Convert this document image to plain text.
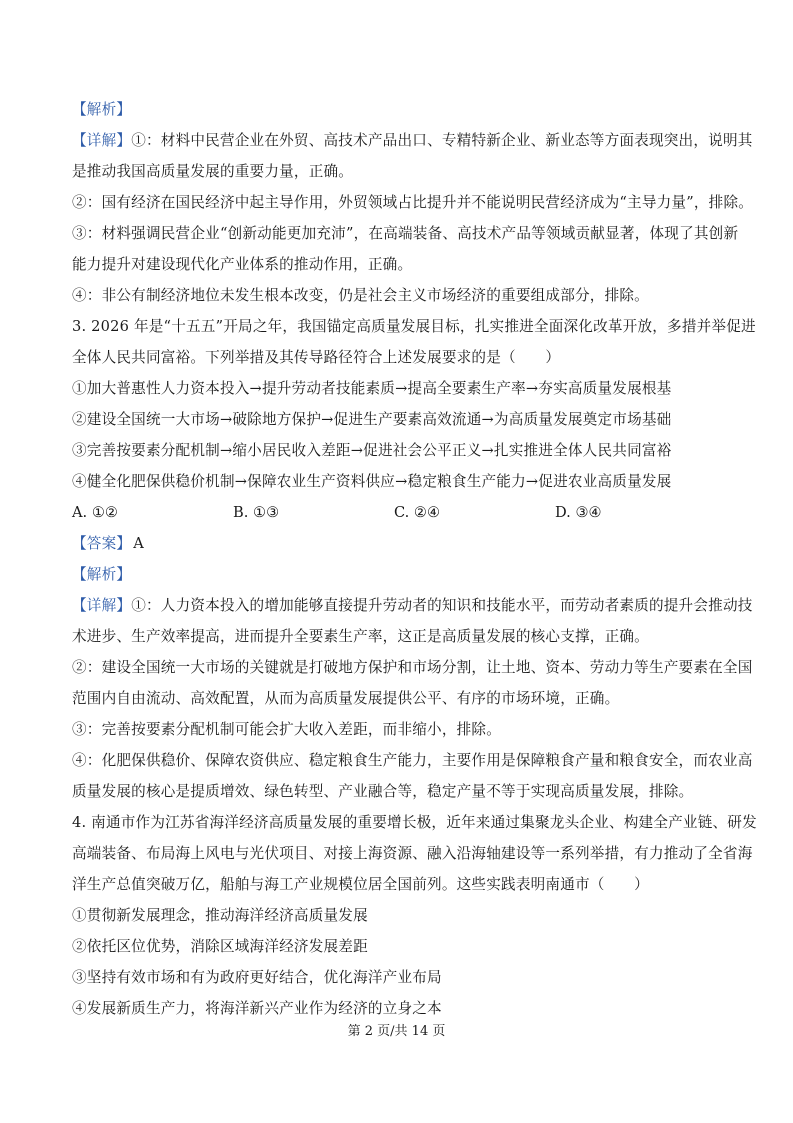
【解析】
【详解】①：材料中民营企业在外贸、高技术产品出口、专精特新企业、新业态等方面表现突出，说明其
是推动我国高质量发展的重要力量，正确。
②：国有经济在国民经济中起主导作用，外贸领域占比提升并不能说明民营经济成为“主导力量”，排除。
③：材料强调民营企业“创新动能更加充沛”，在高端装备、高技术产品等领域贡献显著，体现了其创新
能力提升对建设现代化产业体系的推动作用，正确。
④：非公有制经济地位未发生根本改变，仍是社会主义市场经济的重要组成部分，排除。
3. 2026 年是“十五五”开局之年，我国锚定高质量发展目标，扎实推进全面深化改革开放，多措并举促进
全体人民共同富裕。下列举措及其传导路径符合上述发展要求的是（　　）
①加大普惠性人力资本投入→提升劳动者技能素质→提高全要素生产率→夯实高质量发展根基
②建设全国统一大市场→破除地方保护→促进生产要素高效流通→为高质量发展奠定市场基础
③完善按要素分配机制→缩小居民收入差距→促进社会公平正义→扎实推进全体人民共同富裕
④健全化肥保供稳价机制→保障农业生产资料供应→稳定粮食生产能力→促进农业高质量发展
A. ①②	B. ①③	C. ②④	D. ③④
【答案】 A
【解析】
【详解】①：人力资本投入的增加能够直接提升劳动者的知识和技能水平，而劳动者素质的提升会推动技
术进步、生产效率提高，进而提升全要素生产率，这正是高质量发展的核心支撑，正确。
②：建设全国统一大市场的关键就是打破地方保护和市场分割，让土地、资本、劳动力等生产要素在全国
范围内自由流动、高效配置，从而为高质量发展提供公平、有序的市场环境，正确。
③：完善按要素分配机制可能会扩大收入差距，而非缩小，排除。
④：化肥保供稳价、保障农资供应、稳定粮食生产能力，主要作用是保障粮食产量和粮食安全，而农业高
质量发展的核心是提质增效、绿色转型、产业融合等，稳定产量不等于实现高质量发展，排除。
4. 南通市作为江苏省海洋经济高质量发展的重要增长极，近年来通过集聚龙头企业、构建全产业链、研发
高端装备、布局海上风电与光伏项目、对接上海资源、融入沿海轴建设等一系列举措，有力推动了全省海
洋生产总值突破万亿，船舶与海工产业规模位居全国前列。这些实践表明南通市（　　）
①贯彻新发展理念，推动海洋经济高质量发展
②依托区位优势，消除区域海洋经济发展差距
③坚持有效市场和有为政府更好结合，优化海洋产业布局
④发展新质生产力，将海洋新兴产业作为经济的立身之本
第 2 页/共 14 页
